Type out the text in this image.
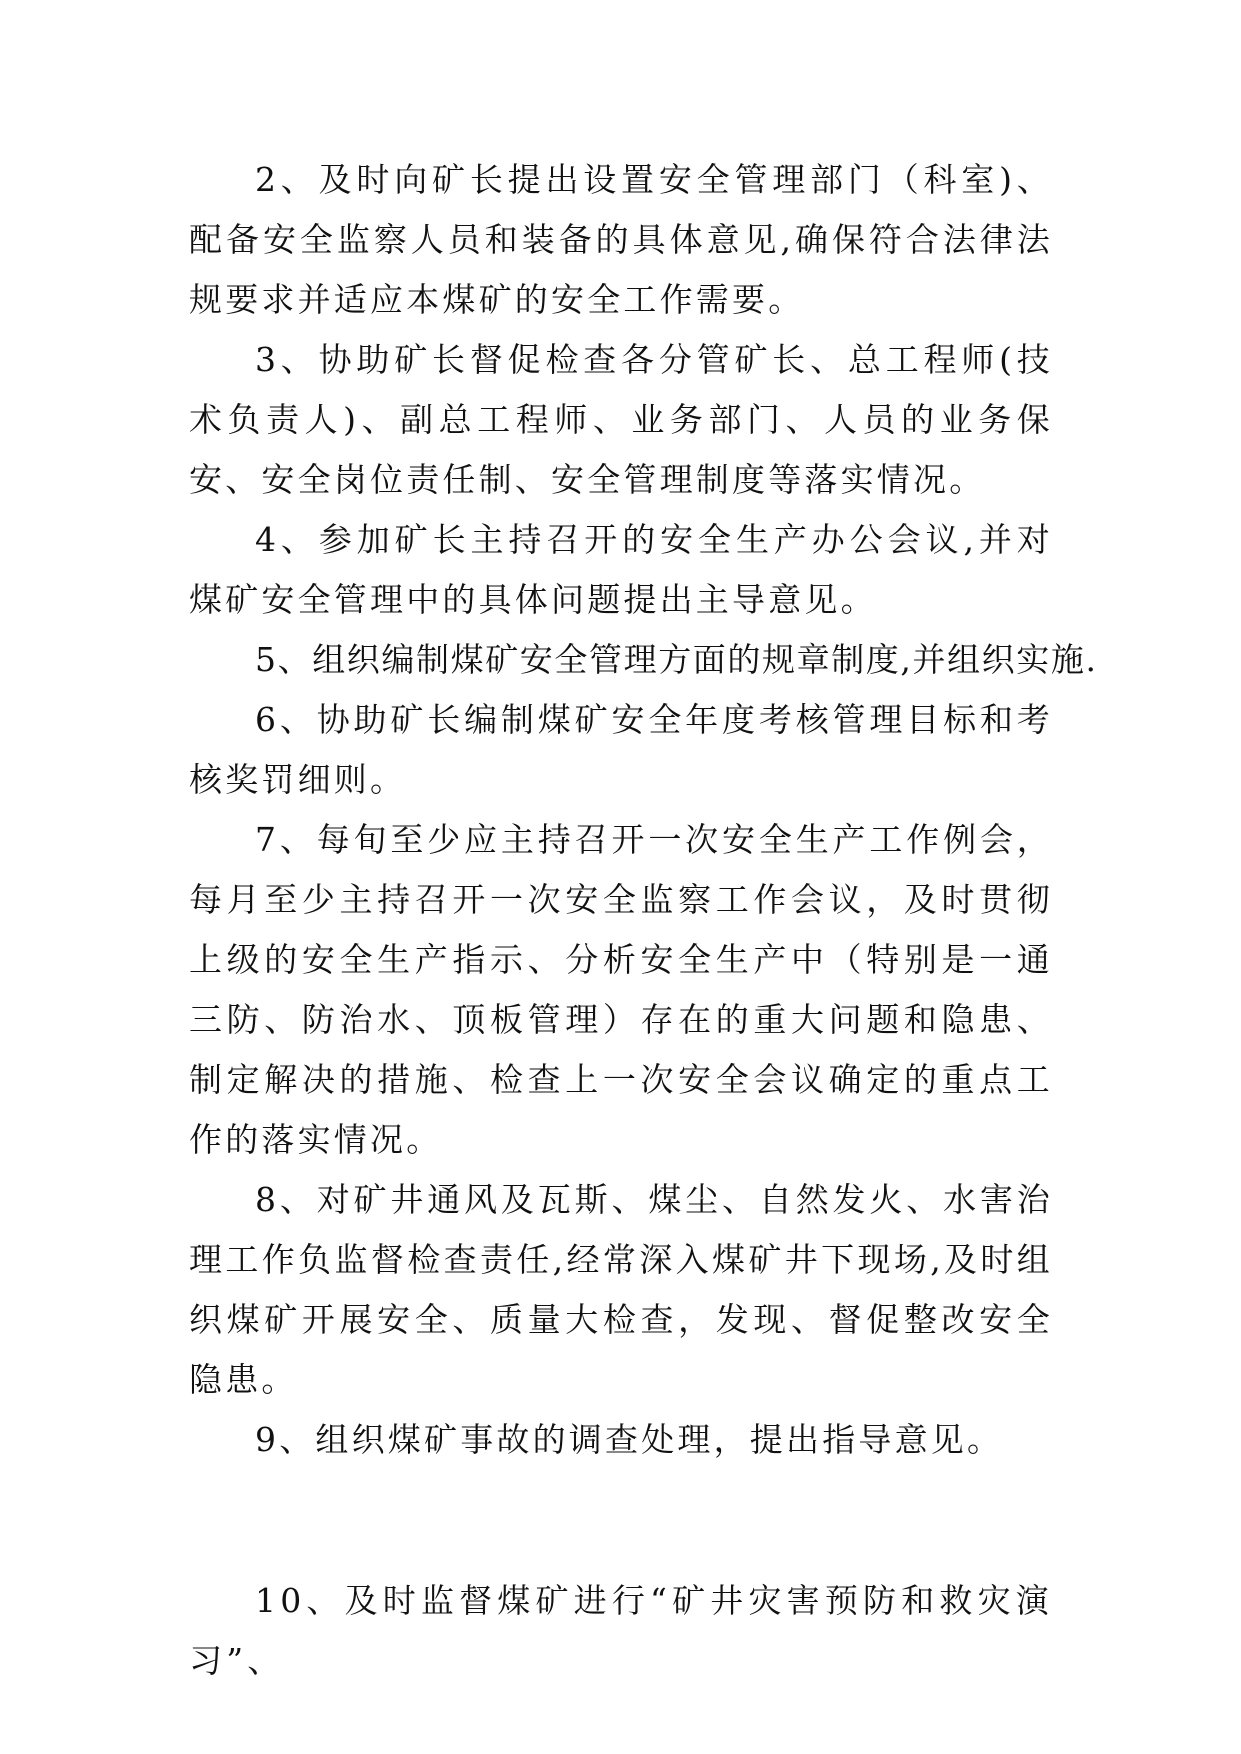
2、及时向矿长提出设置安全管理部门（科室)、配备安全监察人员和装备的具体意见,确保符合法律法规要求并适应本煤矿的安全工作需要。

3、协助矿长督促检查各分管矿长、总工程师(技术负责人)、副总工程师、业务部门、人员的业务保安、安全岗位责任制、安全管理制度等落实情况。

4、参加矿长主持召开的安全生产办公会议,并对煤矿安全管理中的具体问题提出主导意见。

5、组织编制煤矿安全管理方面的规章制度,并组织实施.

6、协助矿长编制煤矿安全年度考核管理目标和考核奖罚细则。

7、每旬至少应主持召开一次安全生产工作例会，每月至少主持召开一次安全监察工作会议，及时贯彻上级的安全生产指示、分析安全生产中（特别是一通三防、防治水、顶板管理）存在的重大问题和隐患、制定解决的措施、检查上一次安全会议确定的重点工作的落实情况。

8、对矿井通风及瓦斯、煤尘、自然发火、水害治理工作负监督检查责任,经常深入煤矿井下现场,及时组织煤矿开展安全、质量大检查，发现、督促整改安全隐患。

9、组织煤矿事故的调查处理，提出指导意见。

10、及时监督煤矿进行“矿井灾害预防和救灾演习”、
